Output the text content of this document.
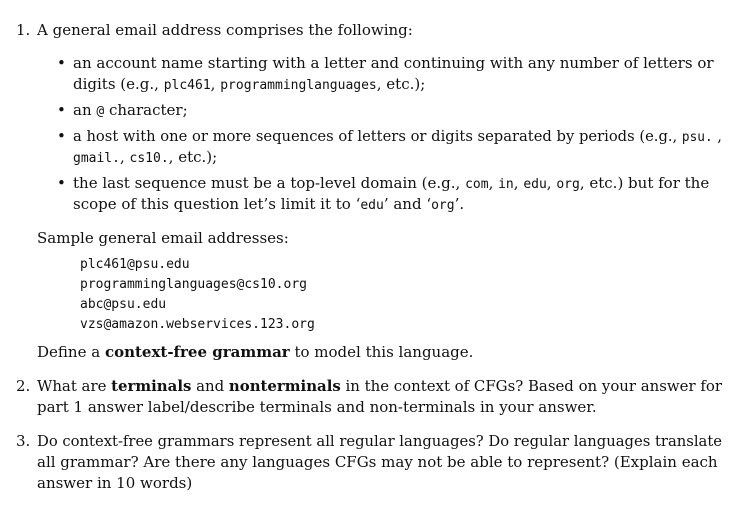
1. A general email address comprises the following:
• an account name starting with a letter and continuing with any number of letters or
digits (e.g., plc461, programminglanguages, etc.);
• an @ character;
• a host with one or more sequences of letters or digits separated by periods (e.g., psu. ,
gmail., cs10., etc.);
• the last sequence must be a top-level domain (e.g., com, in, edu, org, etc.) but for the
scope of this question let’s limit it to ‘edu’ and ‘org’.
Sample general email addresses:
plc461@psu.edu
programminglanguages@cs10.org
abc@psu.edu
vzs@amazon.webservices.123.org
Define a context-free grammar to model this language.
2. What are terminals and nonterminals in the context of CFGs? Based on your answer for
part 1 answer label/describe terminals and non-terminals in your answer.
3. Do context-free grammars represent all regular languages? Do regular languages translate
all grammar? Are there any languages CFGs may not be able to represent? (Explain each
answer in 10 words)
